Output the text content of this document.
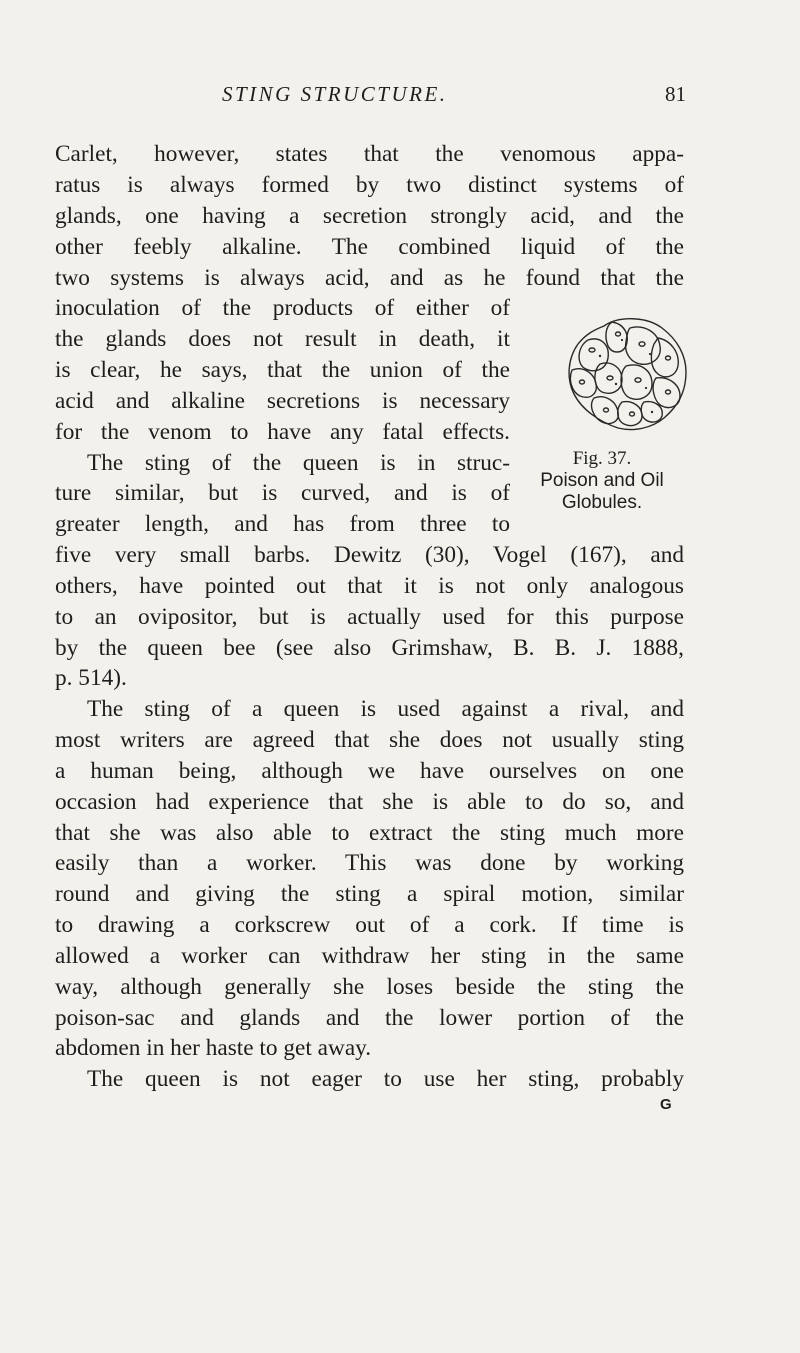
STING STRUCTURE.	81
Carlet, however, states that the venomous appa-
ratus is always formed by two distinct systems of
glands, one having a secretion strongly acid, and the
other feebly alkaline. The combined liquid of the
two systems is always acid, and as he found that the
inoculation of the products of either of
the glands does not result in death, it
is clear, he says, that the union of the
acid and alkaline secretions is necessary
for the venom to have any fatal effects.
The sting of the queen is in struc-
ture similar, but is curved, and is of
greater length, and has from three to
five very small barbs. Dewitz (30), Vogel (167), and
others, have pointed out that it is not only analogous
to an ovipositor, but is actually used for this purpose
by the queen bee (see also Grimshaw, B. B. J. 1888,
p. 514).
The sting of a queen is used against a rival, and
most writers are agreed that she does not usually sting
a human being, although we have ourselves on one
occasion had experience that she is able to do so, and
that she was also able to extract the sting much more
easily than a worker. This was done by working
round and giving the sting a spiral motion, similar
to drawing a corkscrew out of a cork. If time is
allowed a worker can withdraw her sting in the same
way, although generally she loses beside the sting the
poison-sac and glands and the lower portion of the
abdomen in her haste to get away.
The queen is not eager to use her sting, probably
Fig. 37.
Poison and Oil
Globules.
G
